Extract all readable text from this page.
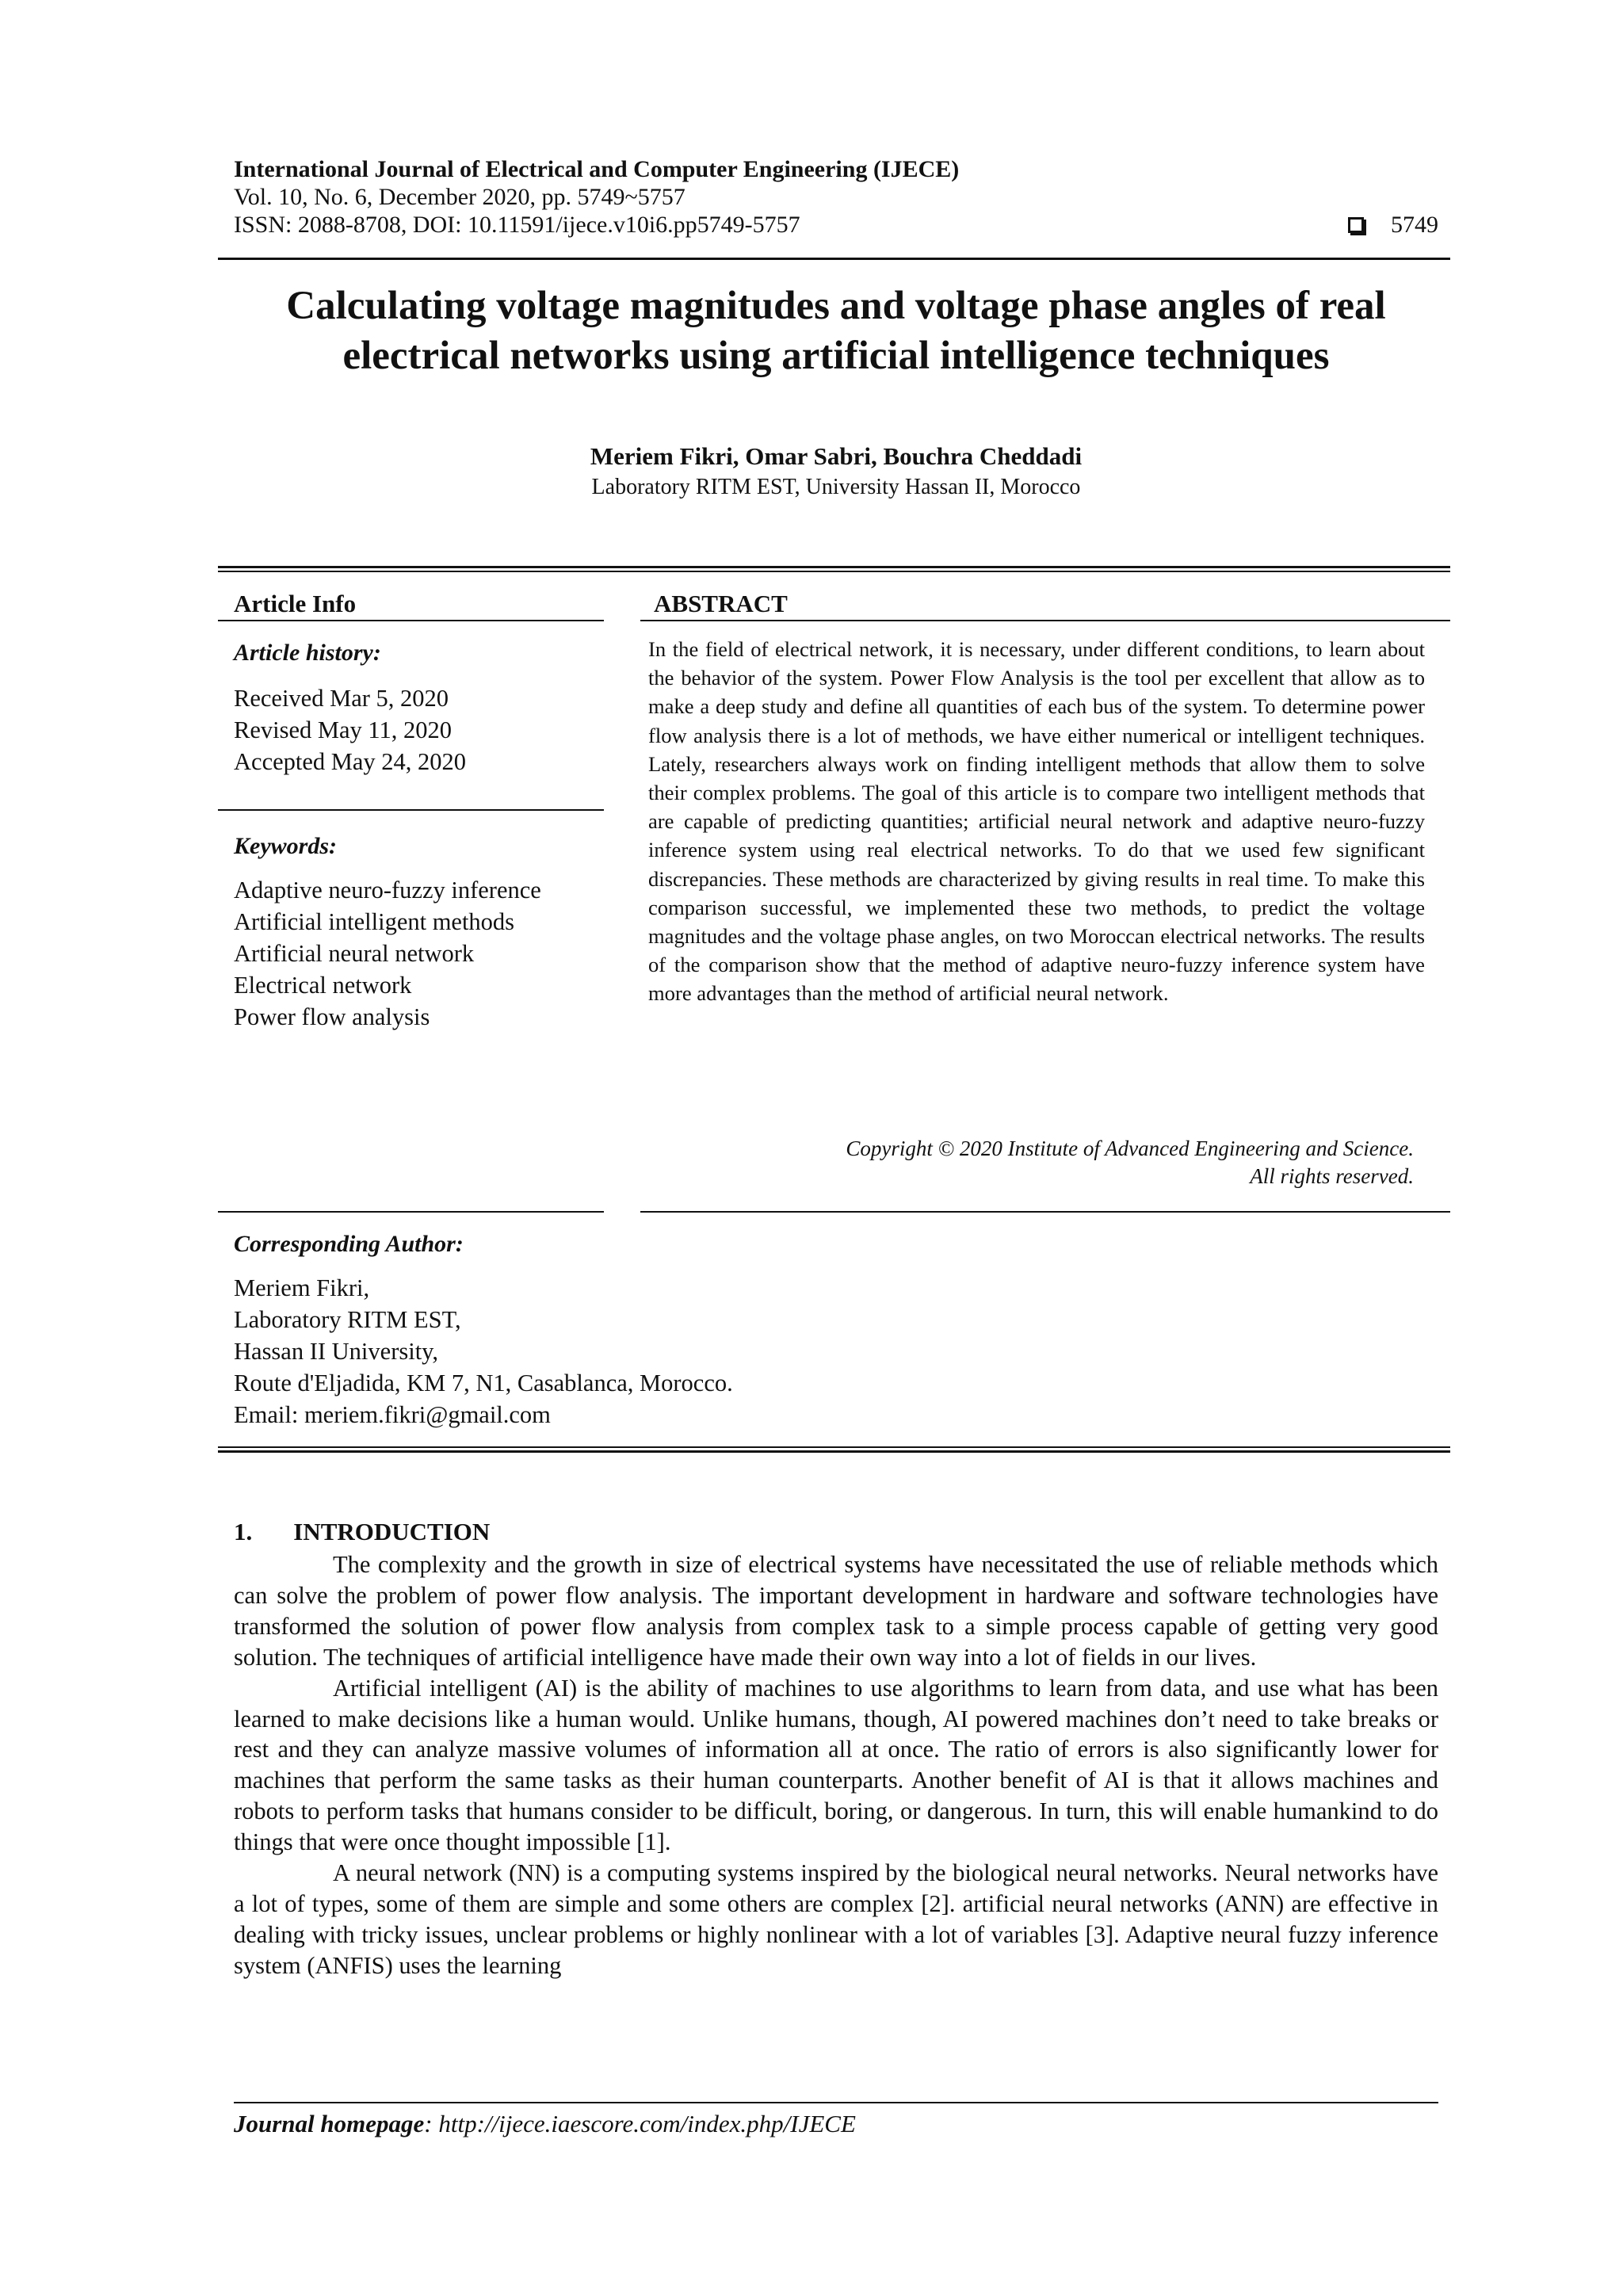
International Journal of Electrical and Computer Engineering (IJECE)
Vol. 10, No. 6, December 2020, pp. 5749~5757
ISSN: 2088-8708, DOI: 10.11591/ijece.v10i6.pp5749-5757	5749
Calculating voltage magnitudes and voltage phase angles of real
electrical networks using artificial intelligence techniques
Meriem Fikri, Omar Sabri, Bouchra Cheddadi
Laboratory RITM EST, University Hassan II, Morocco
Article Info
Article history:
Received Mar 5, 2020
Revised May 11, 2020
Accepted May 24, 2020
Keywords:
Adaptive neuro-fuzzy inference
Artificial intelligent methods
Artificial neural network
Electrical network
Power flow analysis
ABSTRACT
In the field of electrical network, it is necessary, under different conditions, to learn about the behavior of the system. Power Flow Analysis is the tool per excellent that allow as to make a deep study and define all quantities of each bus of the system. To determine power flow analysis there is a lot of methods, we have either numerical or intelligent techniques. Lately, researchers always work on finding intelligent methods that allow them to solve their complex problems. The goal of this article is to compare two intelligent methods that are capable of predicting quantities; artificial neural network and adaptive neuro-fuzzy inference system using real electrical networks. To do that we used few significant discrepancies. These methods are characterized by giving results in real time. To make this comparison successful, we implemented these two methods, to predict the voltage magnitudes and the voltage phase angles, on two Moroccan electrical networks. The results of the comparison show that the method of adaptive neuro-fuzzy inference system have more advantages than the method of artificial neural network.
Copyright © 2020 Institute of Advanced Engineering and Science.
All rights reserved.
Corresponding Author:
Meriem Fikri,
Laboratory RITM EST,
Hassan II University,
Route d'Eljadida, KM 7, N1, Casablanca, Morocco.
Email: meriem.fikri@gmail.com
1. INTRODUCTION

The complexity and the growth in size of electrical systems have necessitated the use of reliable methods which can solve the problem of power flow analysis. The important development in hardware and software technologies have transformed the solution of power flow analysis from complex task to a simple process capable of getting very good solution. The techniques of artificial intelligence have made their own way into a lot of fields in our lives.

Artificial intelligent (AI) is the ability of machines to use algorithms to learn from data, and use what has been learned to make decisions like a human would. Unlike humans, though, AI powered machines don’t need to take breaks or rest and they can analyze massive volumes of information all at once. The ratio of errors is also significantly lower for machines that perform the same tasks as their human counterparts. Another benefit of AI is that it allows machines and robots to perform tasks that humans consider to be difficult, boring, or dangerous. In turn, this will enable humankind to do things that were once thought impossible [1].

A neural network (NN) is a computing systems inspired by the biological neural networks. Neural networks have a lot of types, some of them are simple and some others are complex [2]. artificial neural networks (ANN) are effective in dealing with tricky issues, unclear problems or highly nonlinear with a lot of variables [3]. Adaptive neural fuzzy inference system (ANFIS) uses the learning

Journal homepage: http://ijece.iaescore.com/index.php/IJECE
